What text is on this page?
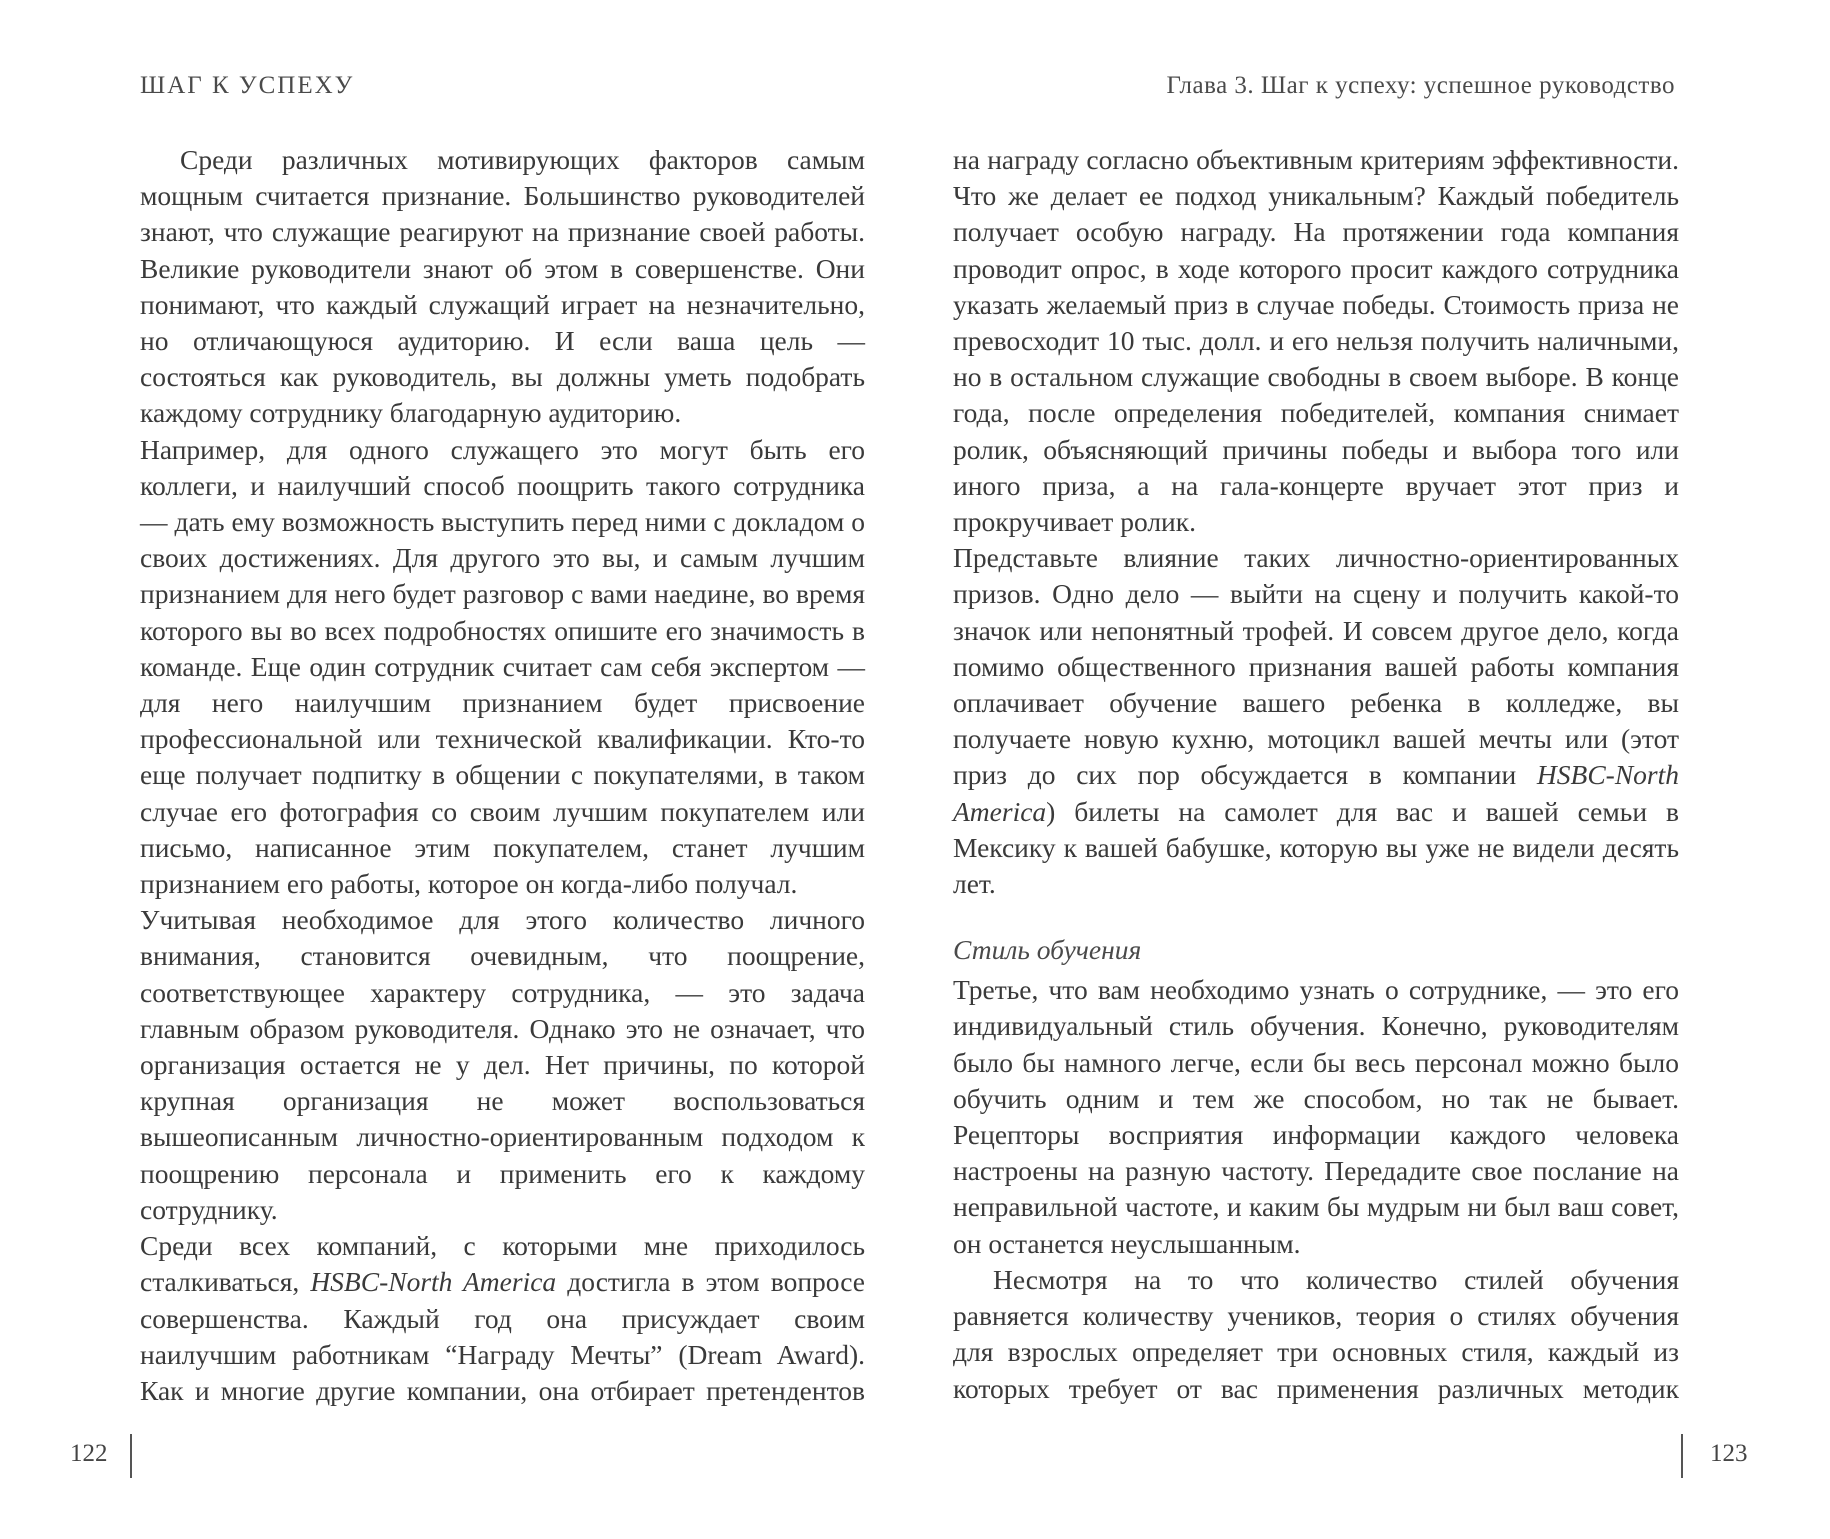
ШАГ К УСПЕХУ	Глава 3. Шаг к успеху: успешное руководство

Среди различных мотивирующих факторов самым мощным считается признание. Большинство руководителей знают, что служащие реагируют на признание своей работы. Великие руководители знают об этом в совершенстве. Они понимают, что каждый служащий играет на незначительно, но отличающуюся аудиторию. И если ваша цель — состояться как руководитель, вы должны уметь подобрать каждому сотруднику благодарную аудиторию.

Например, для одного служащего это могут быть его коллеги, и наилучший способ поощрить такого сотрудника — дать ему возможность выступить перед ними с докладом о своих достижениях. Для другого это вы, и самым лучшим признанием для него будет разговор с вами наедине, во время которого вы во всех подробностях опишите его значимость в команде. Еще один сотрудник считает сам себя экспертом — для него наилучшим признанием будет присвоение профессиональной или технической квалификации. Кто-то еще получает подпитку в общении с покупателями, в таком случае его фотография со своим лучшим покупателем или письмо, написанное этим покупателем, станет лучшим признанием его работы, которое он когда-либо получал.

Учитывая необходимое для этого количество личного внимания, становится очевидным, что поощрение, соответствующее характеру сотрудника, — это задача главным образом руководителя. Однако это не означает, что организация остается не у дел. Нет причины, по которой крупная организация не может воспользоваться вышеописанным личностно-ориентированным подходом к поощрению персонала и применить его к каждому сотруднику.

Среди всех компаний, с которыми мне приходилось сталкиваться, HSBC-North America достигла в этом вопросе совершенства. Каждый год она присуждает своим наилучшим работникам “Награду Мечты” (Dream Award). Как и многие другие компании, она отбирает претендентов

на награду согласно объективным критериям эффективности. Что же делает ее подход уникальным? Каждый победитель получает особую награду. На протяжении года компания проводит опрос, в ходе которого просит каждого сотрудника указать желаемый приз в случае победы. Стоимость приза не превосходит 10 тыс. долл. и его нельзя получить наличными, но в остальном служащие свободны в своем выборе. В конце года, после определения победителей, компания снимает ролик, объясняющий причины победы и выбора того или иного приза, а на гала-концерте вручает этот приз и прокручивает ролик.

Представьте влияние таких личностно-ориентированных призов. Одно дело — выйти на сцену и получить какой-то значок или непонятный трофей. И совсем другое дело, когда помимо общественного признания вашей работы компания оплачивает обучение вашего ребенка в колледже, вы получаете новую кухню, мотоцикл вашей мечты или (этот приз до сих пор обсуждается в компании HSBC-North America) билеты на самолет для вас и вашей семьи в Мексику к вашей бабушке, которую вы уже не видели десять лет.

Стиль обучения

Третье, что вам необходимо узнать о сотруднике, — это его индивидуальный стиль обучения. Конечно, руководителям было бы намного легче, если бы весь персонал можно было обучить одним и тем же способом, но так не бывает. Рецепторы восприятия информации каждого человека настроены на разную частоту. Передадите свое послание на неправильной частоте, и каким бы мудрым ни был ваш совет, он останется неуслышанным.

Несмотря на то что количество стилей обучения равняется количеству учеников, теория о стилях обучения для взрослых определяет три основных стиля, каждый из которых требует от вас применения различных методик

122	123
